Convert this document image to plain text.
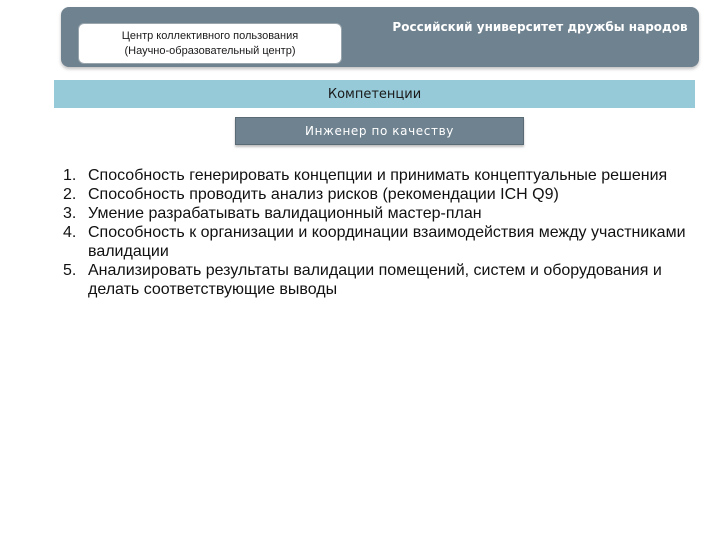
Центр коллективного пользования
(Научно-образовательный центр)
Российский университет дружбы народов
Компетенции
Инженер по качеству
1. Способность генерировать концепции и принимать концептуальные решения
2. Способность проводить анализ рисков (рекомендации ICH Q9)
3. Умение разрабатывать валидационный мастер-план
4. Способность к организации и координации взаимодействия между участниками валидации
5. Анализировать результаты валидации помещений, систем и оборудования и делать соответствующие выводы
